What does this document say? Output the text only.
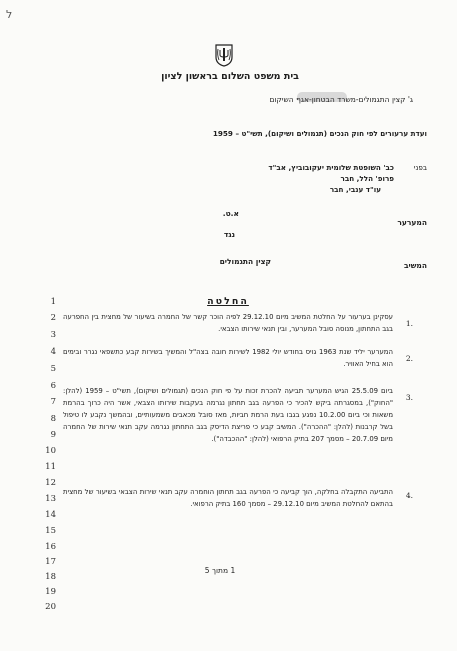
ל
בית משפט השלום בראשון לציון
ג' קצין התגמולים-משרד הבטחון-אגף השיקום
ועדת ערעורים לפי חוק הנכים (תגמולים ושיקום), תשי"ט – 1959
בפני
כב' השופטת שלומית יעקובוביץ, אב"ד
פרופ' הלל, חבר
עו"ד ענבי, חבר
המערער
א.ט.
נגד
המשיב
קצין התגמולים
החלטה
1
2
3
4
5
6
7
8
9
10
11
12
13
14
15
16
17
18
19
20
1.
עסקינן בערעור על החלטת המשיב מיום 29.12.10 לפיה הוכר קשר של החמרה בשיעור של מחצית בין החפרעה בגב התחתון, מנוסה סובל המערער, ובין תנאי שירותו הצבאי.
2.
המערער יליד שנת 1963 גויס בחודש יולי 1982 לשירות חובה בצה"ל והמשיך בשירות קבע כתשפאי נגרר ובימים הוא בחיל האוויר.
3.
ביום 25.5.09 הגיש המערער תביעה להכרת זכות על פי חוק הנכים (תגמולים ושיקום), תשי"ט – 1959 (להלן: "החוק"), במסגרתה ביקש להכיר כי הפרעה בגב תחתון נגרמה בעקבות שירותו הצבאי, אשר היה כרוך בהרמת משאות וכי ביום 10.2.00 נפגע בגבו בעת הרמת חביות, מאז סובל מכאבים משמעותיים, ובהמשך נקבע לו טיפול בשל קרבנות (להלן: "ההכרה"). המשיב קבע כי פריצת הדיסק בגב התחתון נגרמה עקב תנאי שירות של החמרה מיום 20.7.09 – מסמך 207 בתיק הרפואי (להלן: "ההכבדה").
4.
התביעה התקבלה בחלקה, הוך קביעה כי הפרעה בגב תחתון הוחמרה עקב תנאי שירות הצבאי בשיעור של מחצית בהתאם להחלטת המשיב מיום 29.12.10 – מסמך 160 בתיק הרפואי.
1 מתוך 5
